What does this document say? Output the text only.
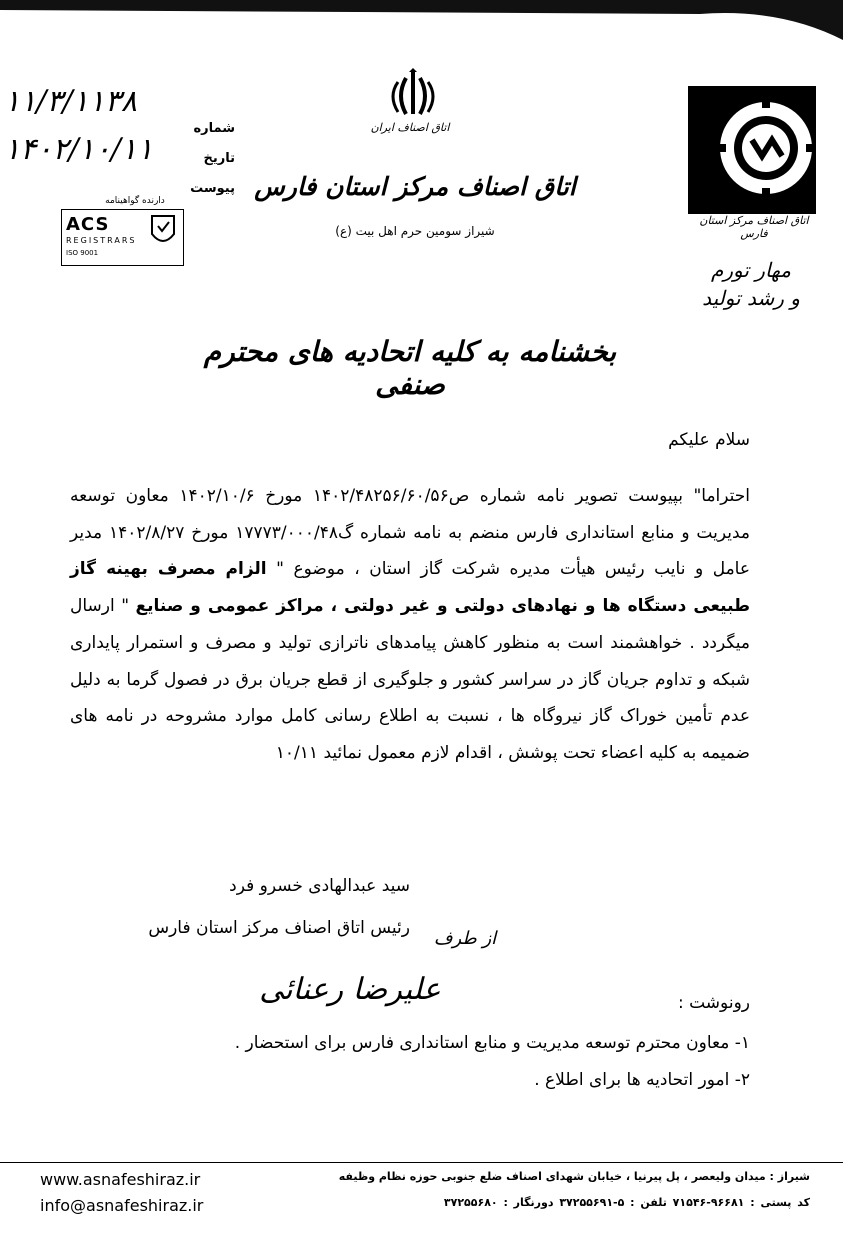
اتاق اصناف ایران
اتاق اصناف مرکز استان فارس
شیراز سومین حرم اهل بیت (ع)
شماره
تاریخ
پیوست
۱۱/۳/۱۱۳۸
۱۴۰۲/۱۰/۱۱
دارنده گواهینامه
ACS
REGISTRARS
ISO 9001
اتاق اصناف مرکز استان فارس
مهار تورم
و رشد تولید
بخشنامه به کلیه اتحادیه های محترم صنفی
سلام علیکم
احتراما" بپیوست تصویر نامه شماره ص۱۴۰۲/۴۸۲۵۶/۶۰/۵۶ مورخ ۱۴۰۲/۱۰/۶ معاون توسعه مدیریت و منابع استانداری فارس منضم به نامه شماره گ۱۷۷۷۳/۰۰۰/۴۸ مورخ ۱۴۰۲/۸/۲۷ مدیر عامل و نایب رئیس هیأت مدیره شرکت گاز استان ، موضوع " الزام مصرف بهینه گاز طبیعی دستگاه ها و نهادهای دولتی و غیر دولتی ، مراکز عمومی و صنایع " ارسال میگردد . خواهشمند است به منظور کاهش پیامدهای ناترازی تولید و مصرف و استمرار پایداری شبکه و تداوم جریان گاز در سراسر کشور و جلوگیری از قطع جریان برق در فصول گرما به دلیل عدم تأمین خوراک گاز نیروگاه ها ، نسبت به اطلاع رسانی کامل موارد مشروحه در نامه های ضمیمه به کلیه اعضاء تحت پوشش ، اقدام لازم معمول نمائید ۱۰/۱۱
سید عبدالهادی خسرو فرد
رئیس اتاق اصناف مرکز استان فارس	از طرف
علیرضا رعنائی	رونوشت :
۱- معاون محترم توسعه مدیریت و منابع استانداری فارس برای استحضار .
۲- امور اتحادیه ها برای اطلاع .
www.asnafeshiraz.ir
info@asnafeshiraz.ir
شیراز : میدان ولیعصر ، پل پیرنیا ، خیابان شهدای اصناف ضلع جنوبی حوزه نظام وظیفه
کد پستی : ۹۶۶۸۱-۷۱۵۴۶ تلفن : ۵-۳۷۲۵۵۶۹۱ دورنگار : ۳۷۲۵۵۶۸۰
